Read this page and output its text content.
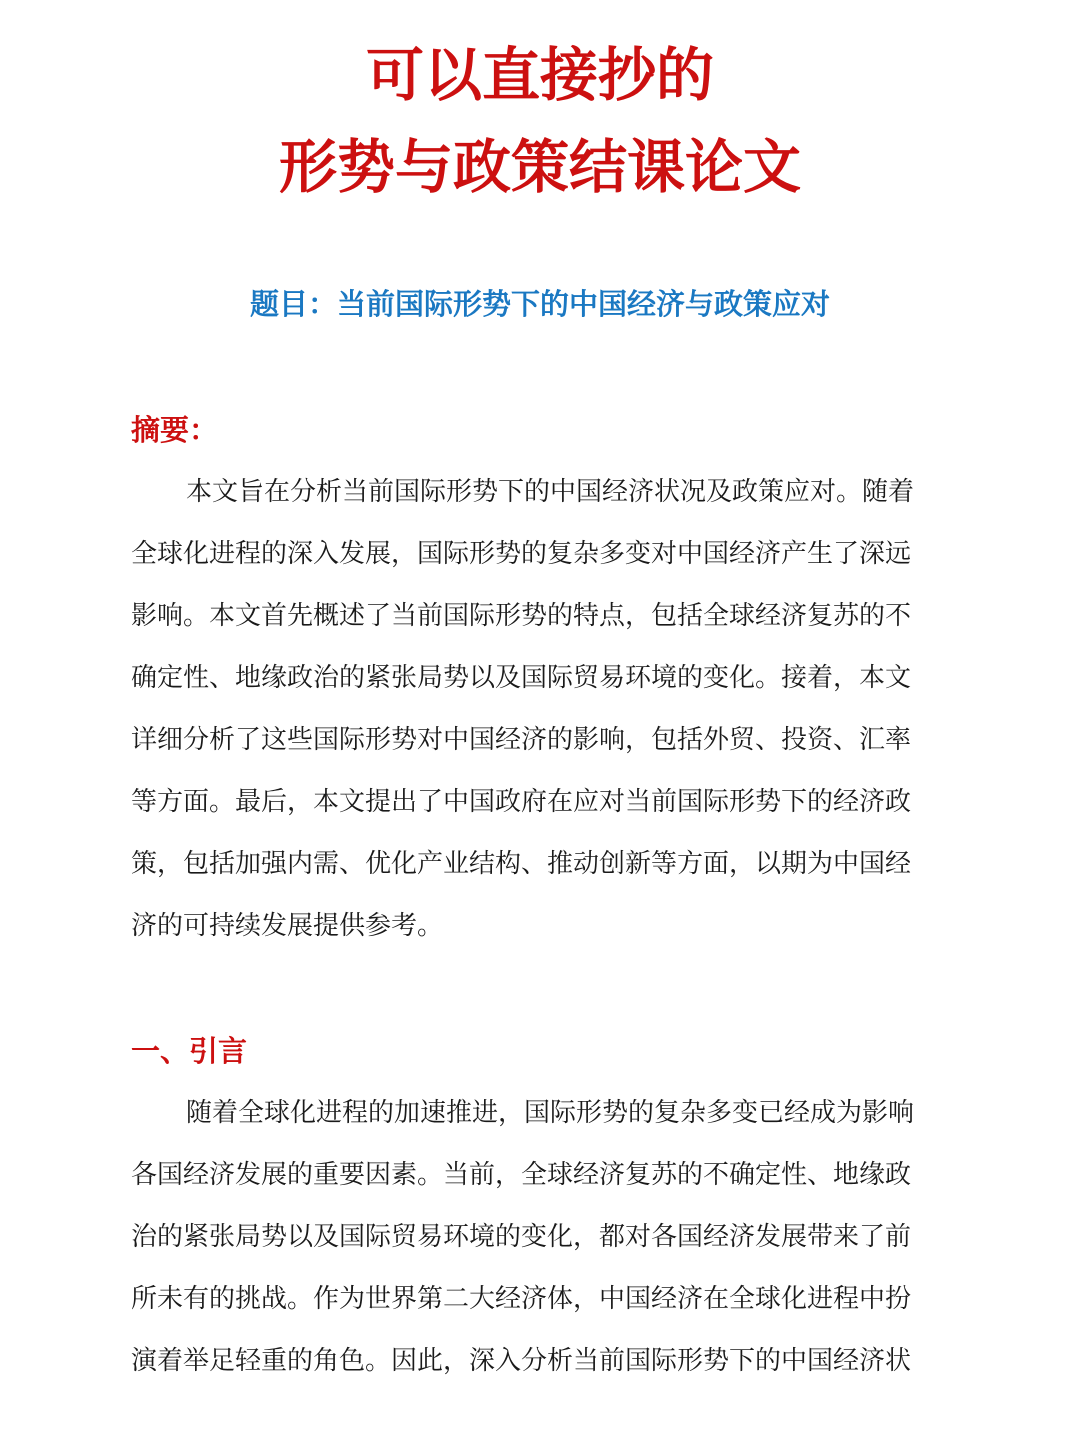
可以直接抄的
形势与政策结课论文
题目：当前国际形势下的中国经济与政策应对
摘要：
本文旨在分析当前国际形势下的中国经济状况及政策应对。随着
全球化进程的深入发展，国际形势的复杂多变对中国经济产生了深远
影响。本文首先概述了当前国际形势的特点，包括全球经济复苏的不
确定性、地缘政治的紧张局势以及国际贸易环境的变化。接着，本文
详细分析了这些国际形势对中国经济的影响，包括外贸、投资、汇率
等方面。最后，本文提出了中国政府在应对当前国际形势下的经济政
策，包括加强内需、优化产业结构、推动创新等方面，以期为中国经
济的可持续发展提供参考。
一、引言
随着全球化进程的加速推进，国际形势的复杂多变已经成为影响
各国经济发展的重要因素。当前，全球经济复苏的不确定性、地缘政
治的紧张局势以及国际贸易环境的变化，都对各国经济发展带来了前
所未有的挑战。作为世界第二大经济体，中国经济在全球化进程中扮
演着举足轻重的角色。因此，深入分析当前国际形势下的中国经济状
